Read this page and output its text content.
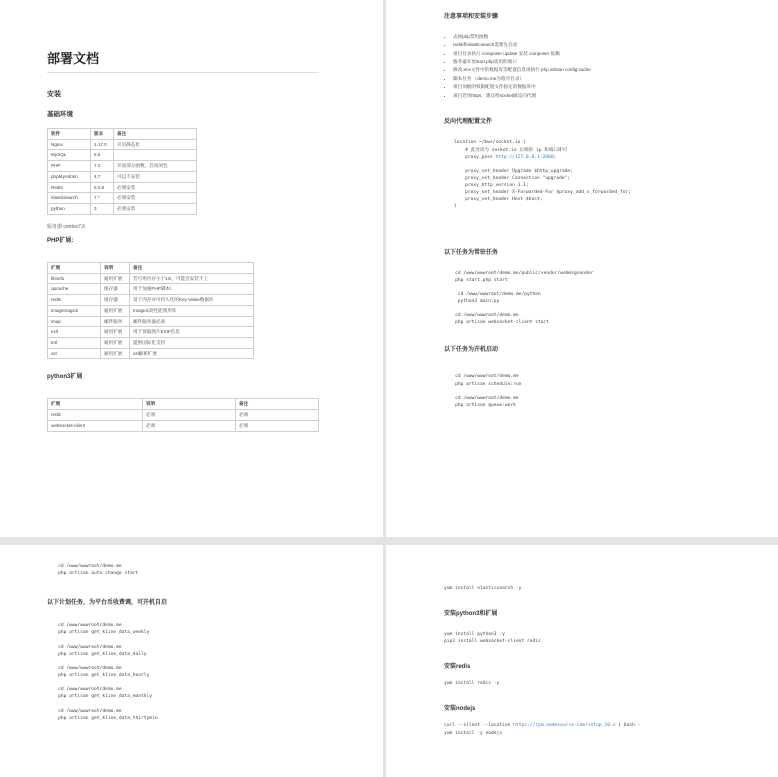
部署文档
安装
基础环境
软件	版本	备注
Nginx	1.17.0	开启静态化
MySQL	5.6	
PHP	7.2	开放部分函数，启动闭包
phpMyAdmin	4.7	可以不安装
Redis	5.0.6	必须安装
elasticsearch	7.*	必须安装
python	3	必须安装
服务器 centos7.6
PHP扩展:
扩展	说明	备注
fileinfo	通用扩展	若可用内存小于1G，可能会安装不上
opcache	缓存器	用于加速PHP脚本!
redis	缓存器	基于内存亦可持久化的Key-Value数据库
imagemagick	通用扩展	Imagick高性能图形库
imap	邮件服务	邮件服务器必备
exif	通用扩展	用于读取图片EXIF信息
intl	通用扩展	提供国际化支持
xsl	通用扩展	xsl解析扩展
python3扩展
扩展	说明	备注
redis	必须	必须
websocket-client	必须	必须
注意事项和安装步骤
• 去掉php禁用函数
• redis和elasticsearch需要先启动
• 项目目录执行 composer update 安装 composer 依赖
• 服务器开放start.php需用的端口
• 修改.env文件中的数据库等配置信息再执行 php artisan config:cache
• 脚本任务 （demo.me为程序目录）
• 项目顶级的权限配置文件指定的数据库中
• 项目若用https，建议给socket做反向代理
反向代理配置文件
location ~/bws/socket.io {
# 此处改为 socket.io 后端的 ip 和端口即可
proxy_pass http://127.0.0.1:2000;

proxy_set_header Upgrade $http_upgrade;
proxy_set_header Connection "upgrade";
proxy_http_version 1.1;
proxy_set_header X-Forwarded-For $proxy_add_x_forwarded_for;
proxy_set_header Host $host;
}
以下任务为常驻任务
cd /www/wwwroot/demo.me/public/vendor/webmsgsender
php start.php start

cd /www/wwwroot/demo.me/python
python3 main.py

cd /www/wwwroot/demo.me
php artisan websocket-client start
以下任务为开机启动
cd /www/wwwroot/demo.me
php artisan schedule:run

cd /www/wwwroot/demo.me
php artisan queue:work
cd /www/wwwroot/demo.me
php artisan auto_change start
以下计划任务，为平台币收费调，可开机自启
cd /www/wwwroot/demo.me
php artisan get_kline_data_weekly

cd /www/wwwroot/demo.me
php artisan get_kline_data_daily

cd /www/wwwroot/demo.me
php artisan get_kline_data_hourly

cd /www/wwwroot/demo.me
php artisan get_kline_data_monthly

cd /www/wwwroot/demo.me
php artisan get_kline_data_thirtymin
yum install elasticsearch -y
安装python3和扩展
yum install python3 -y
pip3 install websocket-client redis
安装redis
yum install redis -y
安装nodejs
curl --silent --location https://rpm.nodesource.com/setup_10.x | bash -
yum install -y nodejs
